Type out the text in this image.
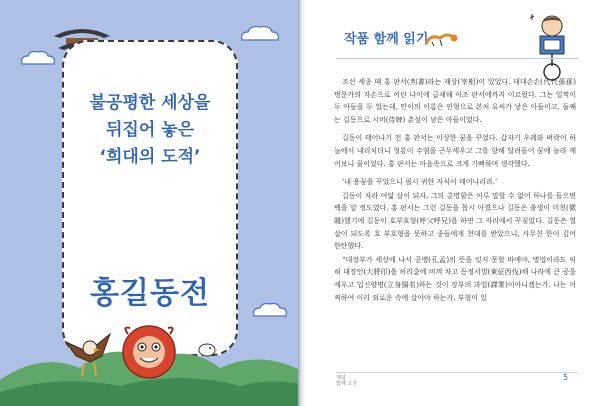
불공평한 세상을
뒤집어 놓은
‘희대의 도적’
홍길동전
작품 함께 읽기

조선 세종 때 홍 판서(判書)라는 재상(宰相)이 있었다. 대대손손(代代孫孫) 명문가의 자손으로 어린 나이에 급제해 이조 판서에까지 이르렀다. 그는 일찍이 두 아들을 두 었는데, 만이의 이름은 인형으로 본처 유씨가 낳은 아들이고, 둘째는 길동으로 시비(侍婢) 춘섬이 낳은 아들이었다.

길동이 태어나기 전 홍 판서는 이상한 꿈을 꾸었다. 갑자기 우레와 벼락이 하늘에서 내리치더니 청룡이 수염을 곤두세우고 그를 향해 달려들어 꿈에 놀라 깨어보니 꿈이었다. 홍 판서는 마음속으로 크게 기뻐하며 생각했다.

‘내 용꿈을 꾸었으니 필시 귀한 자식이 태어나리라.’

길동이 자라 여덟 살이 되자, 그의 총명함은 이루 말할 수 없어 하나를 들으면 백을 알 정도였다. 홍 판서는 그런 길동을 몹시 아꼈으나 길동은 출생이 미천(微賤)했기에 길동이 호부호형(呼父呼兄)을 하면 그 자리에서 꾸짖었다. 길동은 열 살이 되도록 호 부호형을 못하고 종들에게 천대를 받았으니, 사무친 한이 깊어 한탄했다.

“대장부가 세상에 나서 공맹(孔孟)의 뜻을 잇지 못할 바에야, 병법이라도 익혀 대장인(大將印)을 허리춤에 비껴 차고 동정서벌(東征西伐)해 나라에 큰 공을 세우고 입신양명(立身揚名)하는 것이 장부의 과업(課業)이아니겠는가. 나는 어찌하여 이리 외로운 속에 살아야 하는가. 부형이 있

개념
함께 고전
5
